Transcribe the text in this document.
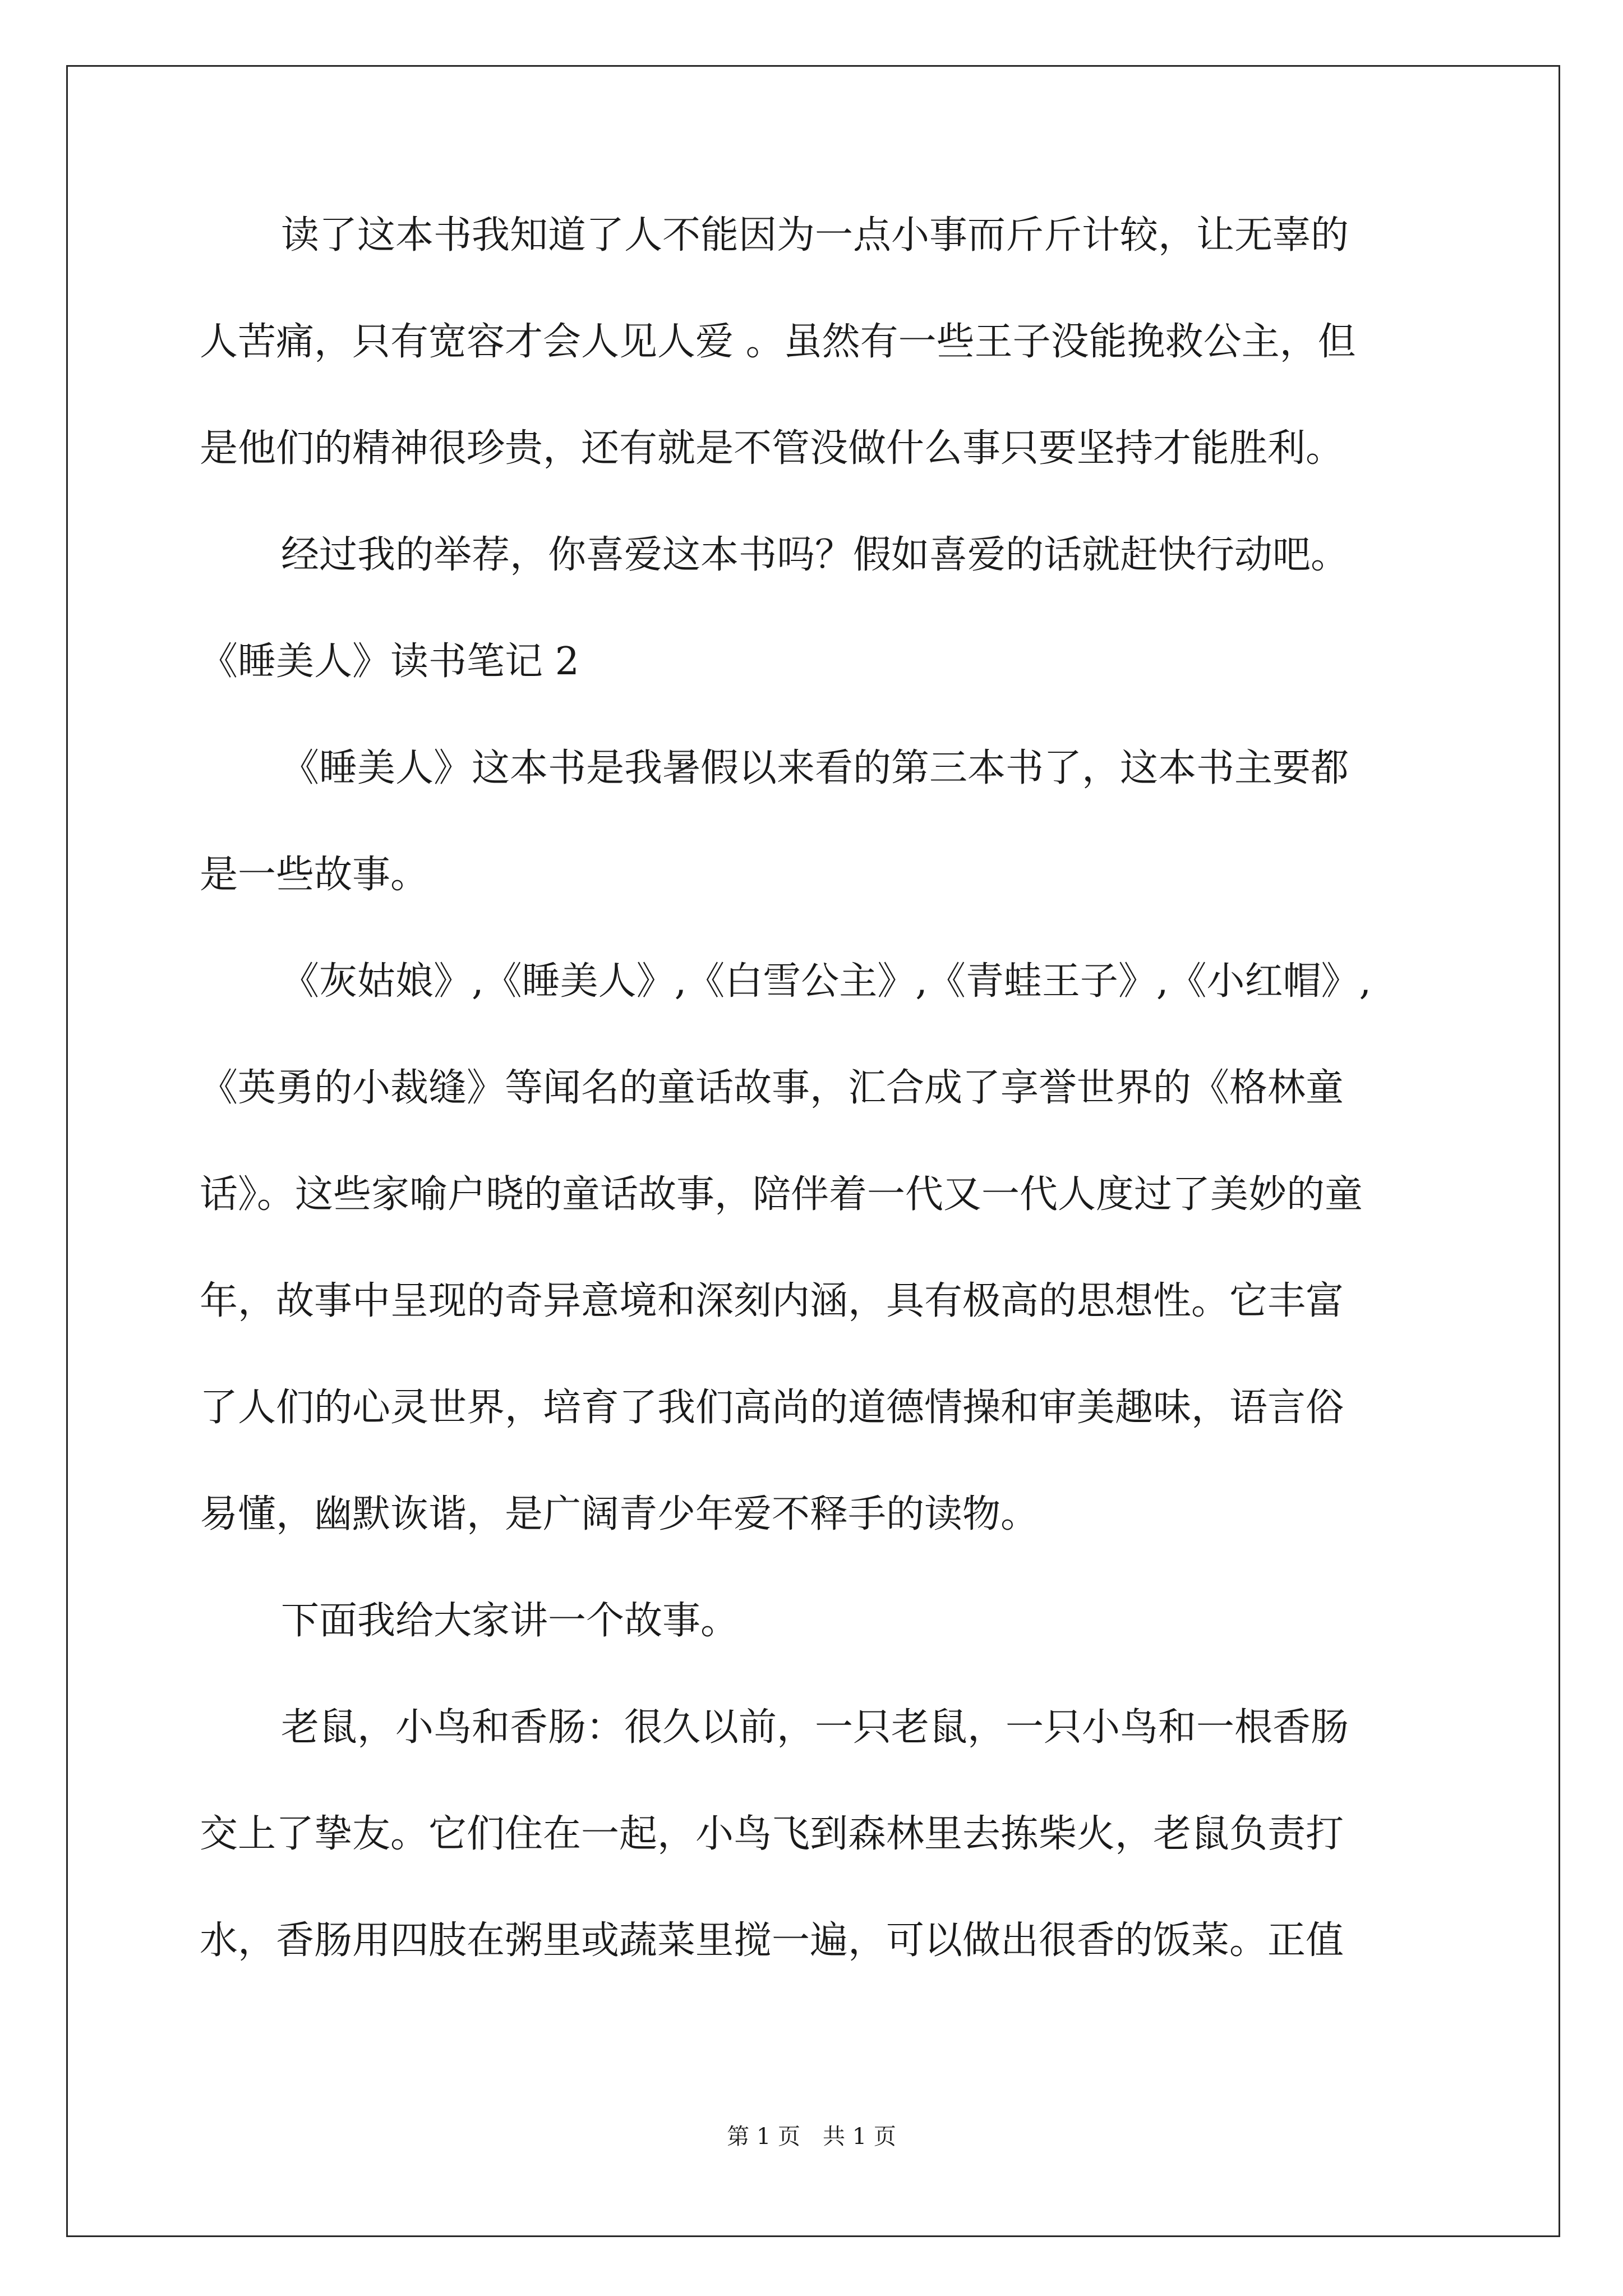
读了这本书我知道了人不能因为一点小事而斤斤计较，让无辜的
人苦痛，只有宽容才会人见人爱 。虽然有一些王子没能挽救公主，但
是他们的精神很珍贵，还有就是不管没做什么事只要坚持才能胜利。
经过我的举荐，你喜爱这本书吗？假如喜爱的话就赶快行动吧。
《睡美人》读书笔记 2
《睡美人》这本书是我暑假以来看的第三本书了，这本书主要都
是一些故事。
《灰姑娘》,《睡美人》,《白雪公主》,《青蛙王子》,《小红帽》,
《英勇的小裁缝》等闻名的童话故事，汇合成了享誉世界的《格林童
话》。这些家喻户晓的童话故事，陪伴着一代又一代人度过了美妙的童
年，故事中呈现的奇异意境和深刻内涵，具有极高的思想性。它丰富
了人们的心灵世界，培育了我们高尚的道德情操和审美趣味，语言俗
易懂，幽默诙谐，是广阔青少年爱不释手的读物。
下面我给大家讲一个故事。
老鼠，小鸟和香肠：很久以前，一只老鼠，一只小鸟和一根香肠
交上了挚友。它们住在一起，小鸟飞到森林里去拣柴火，老鼠负责打
水，香肠用四肢在粥里或蔬菜里搅一遍，可以做出很香的饭菜。正值
第 1 页 共 1 页
